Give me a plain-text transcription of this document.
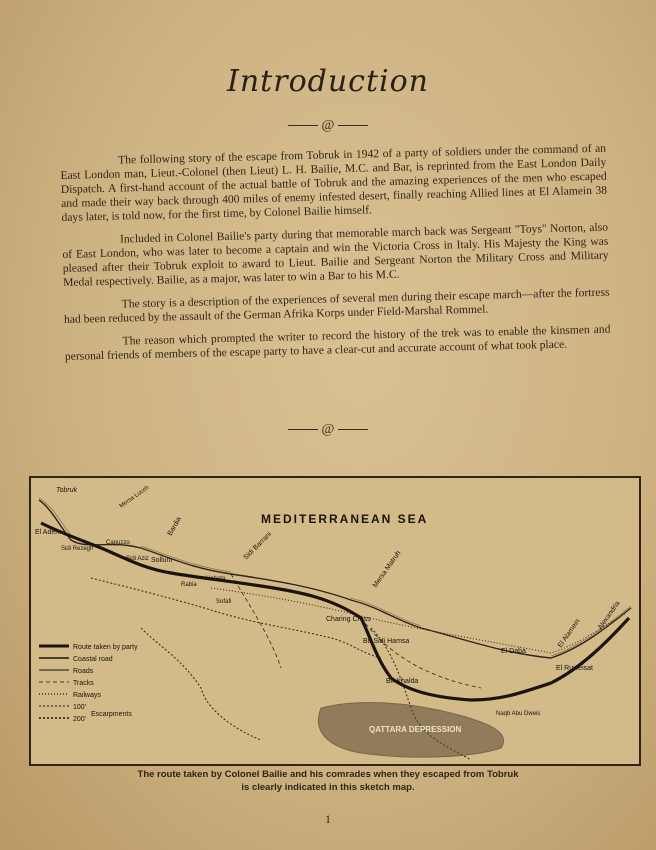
Introduction
@

The following story of the escape from Tobruk in 1942 of a party of soldiers under the command of an East London man, Lieut.-Colonel (then Lieut) L. H. Bailie, M.C. and Bar, is reprinted from the East London Daily Dispatch. A first-hand account of the actual battle of Tobruk and the amazing experiences of the men who escaped and made their way back through 400 miles of enemy infested desert, finally reaching Allied lines at El Alamein 38 days later, is told now, for the first time, by Colonel Bailie himself.

Included in Colonel Bailie's party during that memorable march back was Sergeant "Toys" Norton, also of East London, who was later to become a captain and win the Victoria Cross in Italy. His Majesty the King was pleased after their Tobruk exploit to award to Lieut. Bailie and Sergeant Norton the Military Cross and Military Medal respectively. Bailie, as a major, was later to win a Bar to his M.C.

The story is a description of the experiences of several men during their escape march—after the fortress had been reduced by the assault of the German Afrika Korps under Field-Marshal Rommel.

The reason which prompted the writer to record the history of the trek was to enable the kinsmen and personal friends of members of the escape party to have a clear-cut and accurate account of what took place.

@
MEDITERRANEAN SEA
Tobruk
El Adem
Sidi Rezegh
Capuzzo
Bardia
Sollum
Mersa Lucch
Sidi Barrani
Sidi Aziz
Habata
Rabia
Sofafi
Mersa Matruh
Charing Cross
Bir Sidi Hamsa
El Daba
El Alamein
Alexandria
El Ruweisat
Bir Khalda
QATTARA DEPRESSION
Naqb Abu Dweis
Route taken by party
Coastal road
Roads
Tracks
Railways
100'
200'
Escarpments
The route taken by Colonel Bailie and his comrades when they escaped from Tobruk
is clearly indicated in this sketch map.
1
